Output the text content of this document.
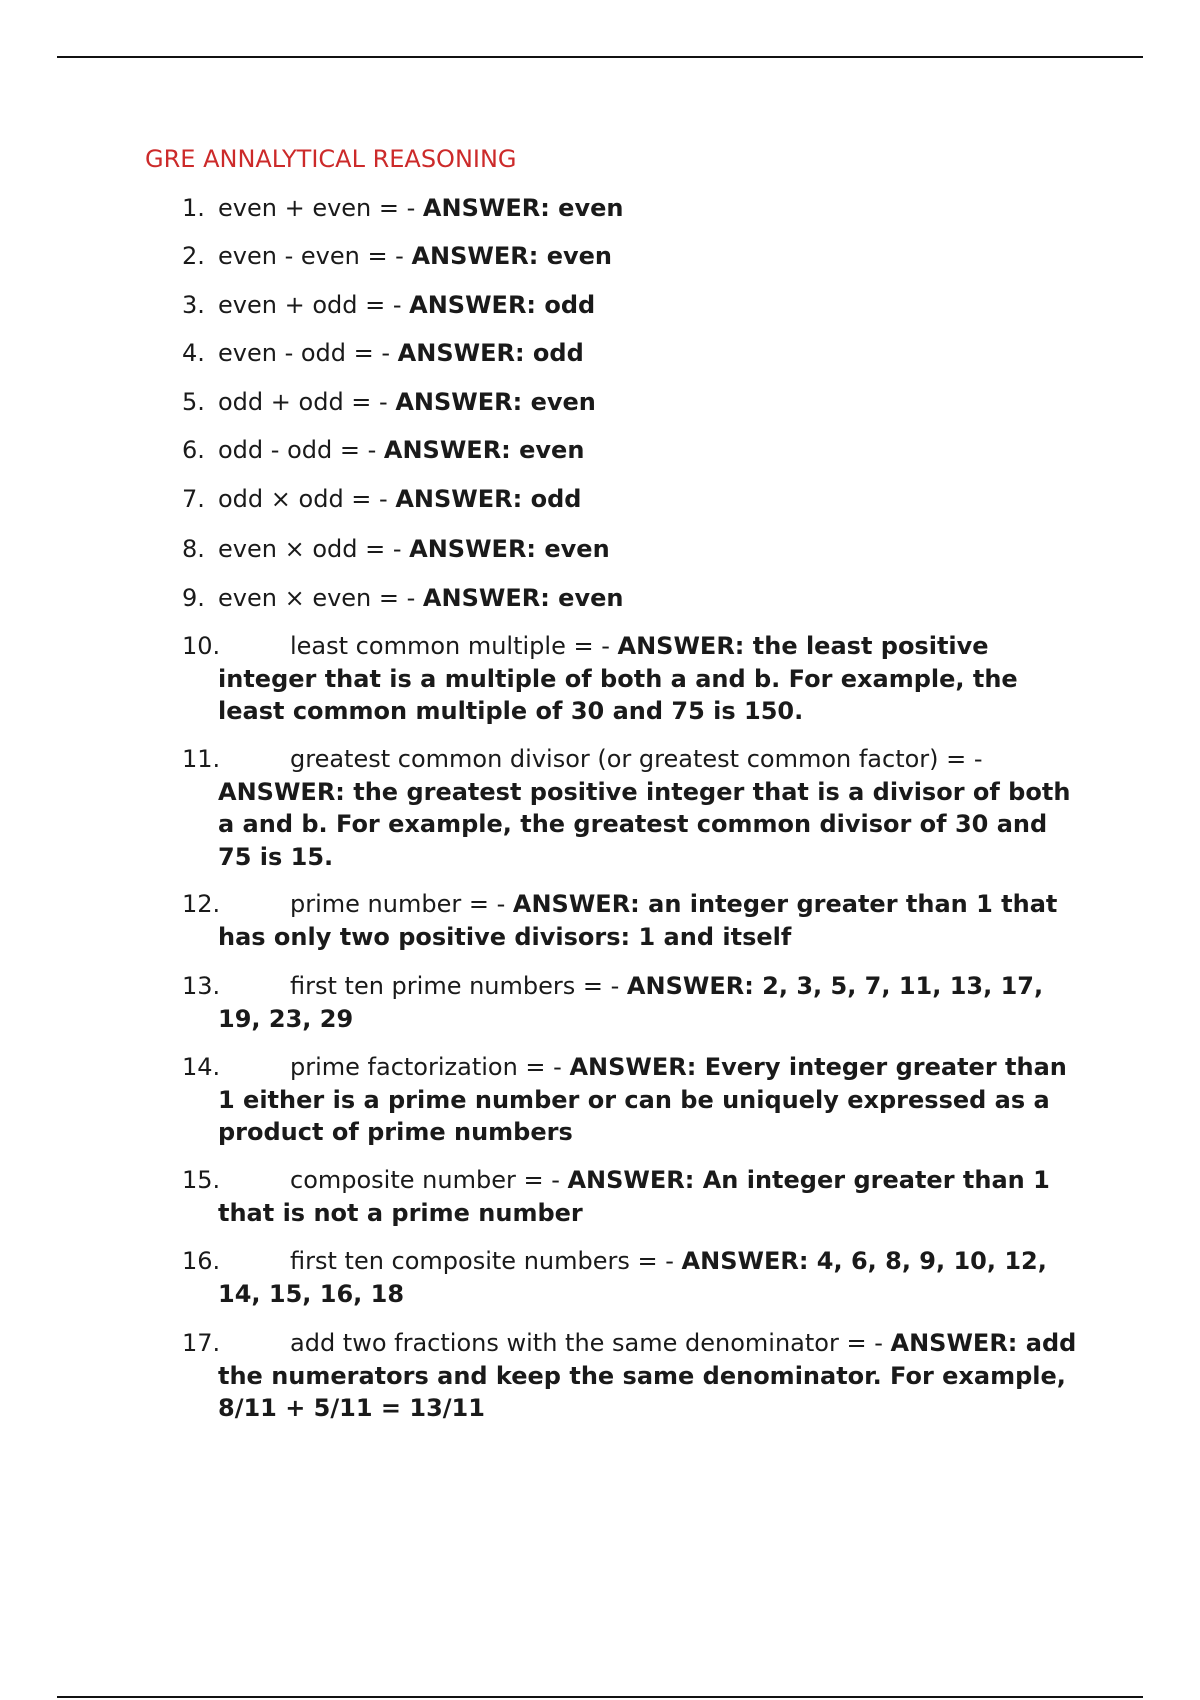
GRE ANNALYTICAL REASONING
1. even + even = - ANSWER: even
2. even - even = - ANSWER: even
3. even + odd = - ANSWER: odd
4. even - odd = - ANSWER: odd
5. odd + odd = - ANSWER: even
6. odd - odd = - ANSWER: even
7. odd × odd = - ANSWER: odd
8. even × odd = - ANSWER: even
9. even × even = - ANSWER: even
10.	least common multiple = - ANSWER: the least positive integer that is a multiple of both a and b. For example, the least common multiple of 30 and 75 is 150.
11.	greatest common divisor (or greatest common factor) = - ANSWER: the greatest positive integer that is a divisor of both a and b. For example, the greatest common divisor of 30 and 75 is 15.
12.	prime number = - ANSWER: an integer greater than 1 that has only two positive divisors: 1 and itself
13.	first ten prime numbers = - ANSWER: 2, 3, 5, 7, 11, 13, 17, 19, 23, 29
14.	prime factorization = - ANSWER: Every integer greater than 1 either is a prime number or can be uniquely expressed as a product of prime numbers
15.	composite number = - ANSWER: An integer greater than 1 that is not a prime number
16.	first ten composite numbers = - ANSWER: 4, 6, 8, 9, 10, 12, 14, 15, 16, 18
17.	add two fractions with the same denominator = - ANSWER: add the numerators and keep the same denominator. For example, 8/11 + 5/11 = 13/11
